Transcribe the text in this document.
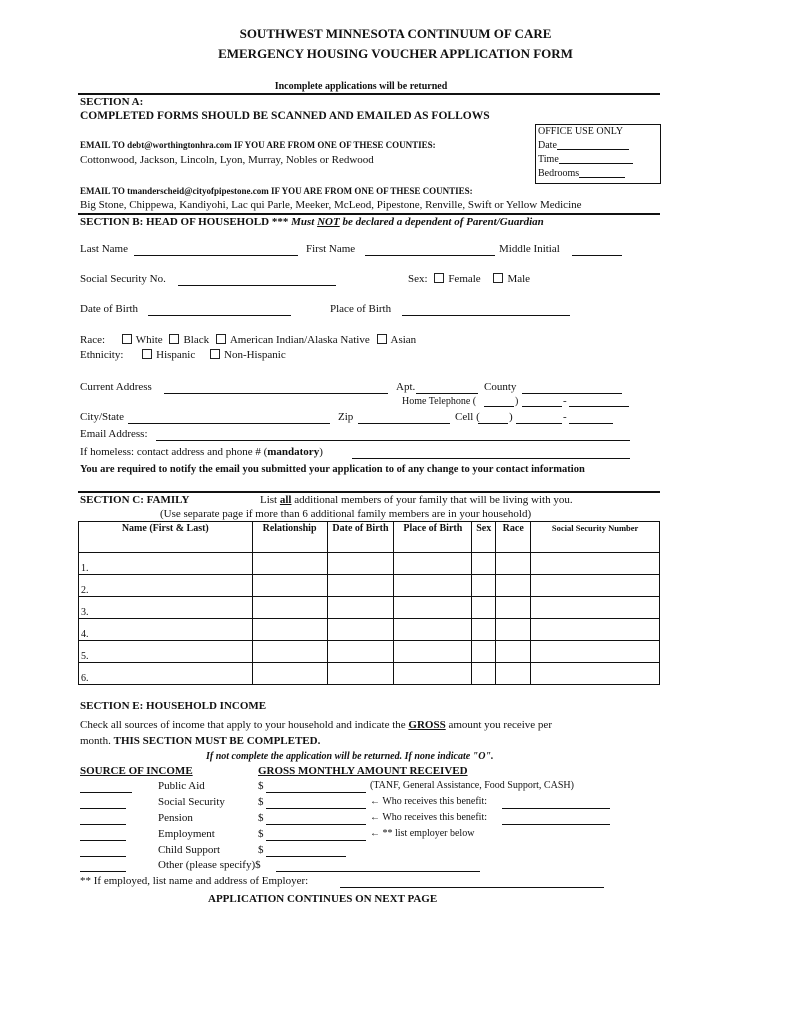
SOUTHWEST MINNESOTA CONTINUUM OF CARE
EMERGENCY HOUSING VOUCHER APPLICATION FORM
Incomplete applications will be returned
SECTION A:
COMPLETED FORMS SHOULD BE SCANNED AND EMAILED AS FOLLOWS
EMAIL TO debt@worthingtonhra.com IF YOU ARE FROM ONE OF THESE COUNTIES:
Cottonwood, Jackson, Lincoln, Lyon, Murray, Nobles or Redwood
OFFICE USE ONLY
Date
Time
Bedrooms
EMAIL TO tmanderscheid@cityofpipestone.com IF YOU ARE FROM ONE OF THESE COUNTIES:
Big Stone, Chippewa, Kandiyohi, Lac qui Parle, Meeker, McLeod, Pipestone, Renville, Swift or Yellow Medicine
SECTION B: HEAD OF HOUSEHOLD *** Must NOT be declared a dependent of Parent/Guardian
Last Name	First Name	Middle Initial
Social Security No.	Sex: Female Male
Date of Birth	Place of Birth
Race:	White Black American Indian/Alaska Native Asian
Ethnicity:	Hispanic	Non-Hispanic
Current Address	Apt.	County
Home Telephone (	)	-
City/State	Zip	Cell (	)	-
Email Address:
If homeless: contact address and phone # (mandatory)
You are required to notify the email you submitted your application to of any change to your contact information
SECTION C: FAMILY	List all additional members of your family that will be living with you.
(Use separate page if more than 6 additional family members are in your household)
Name (First & Last)	Relationship	Date of Birth	Place of Birth	Sex	Race	Social Security Number
1.						
2.						
3.						
4.						
5.						
6.						
SECTION E: HOUSEHOLD INCOME
Check all sources of income that apply to your household and indicate the GROSS amount you receive per
month. THIS SECTION MUST BE COMPLETED.
If not complete the application will be returned. If none indicate "O".
SOURCE OF INCOME	GROSS MONTHLY AMOUNT RECEIVED
Public Aid	$	(TANF, General Assistance, Food Support, CASH)
Social Security	$	← Who receives this benefit:
Pension	$	← Who receives this benefit:
Employment	$	← ** list employer below
Child Support	$
Other (please specify)$
** If employed, list name and address of Employer:
APPLICATION CONTINUES ON NEXT PAGE
